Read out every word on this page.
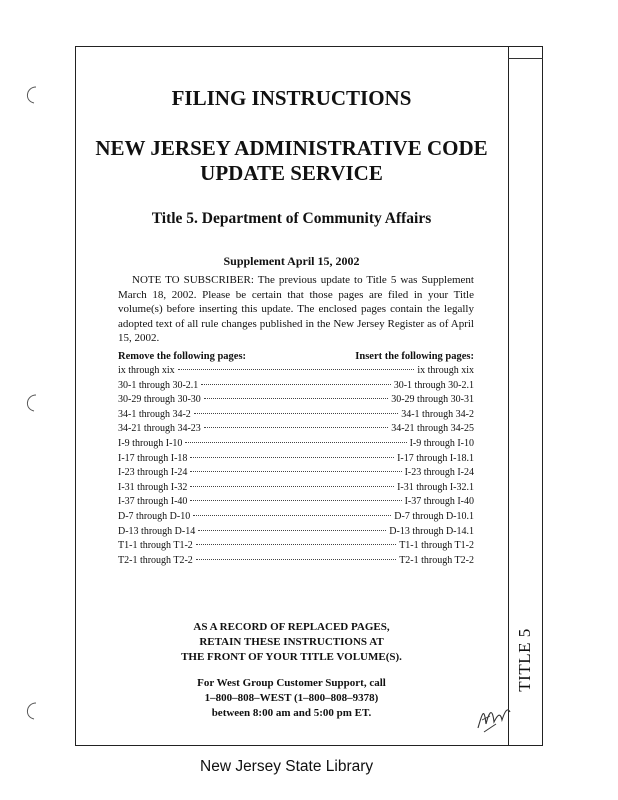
TITLE 5
FILING INSTRUCTIONS
NEW JERSEY ADMINISTRATIVE CODE
UPDATE SERVICE
Title 5. Department of Community Affairs
Supplement April 15, 2002
NOTE TO SUBSCRIBER: The previous update to Title 5 was Supplement March 18, 2002. Please be certain that those pages are filed in your Title volume(s) before inserting this update. The enclosed pages contain the legally adopted text of all rule changes published in the New Jersey Register as of April 15, 2002.
Remove the following pages:	Insert the following pages:
ix through xix	ix through xix
30-1 through 30-2.1	30-1 through 30-2.1
30-29 through 30-30	30-29 through 30-31
34-1 through 34-2	34-1 through 34-2
34-21 through 34-23	34-21 through 34-25
I-9 through I-10	I-9 through I-10
I-17 through I-18	I-17 through I-18.1
I-23 through I-24	I-23 through I-24
I-31 through I-32	I-31 through I-32.1
I-37 through I-40	I-37 through I-40
D-7 through D-10	D-7 through D-10.1
D-13 through D-14	D-13 through D-14.1
T1-1 through T1-2	T1-1 through T1-2
T2-1 through T2-2	T2-1 through T2-2
AS A RECORD OF REPLACED PAGES,
RETAIN THESE INSTRUCTIONS AT
THE FRONT OF YOUR TITLE VOLUME(S).
For West Group Customer Support, call
1–800–808–WEST (1–800–808–9378)
between 8:00 am and 5:00 pm ET.
New Jersey State Library
